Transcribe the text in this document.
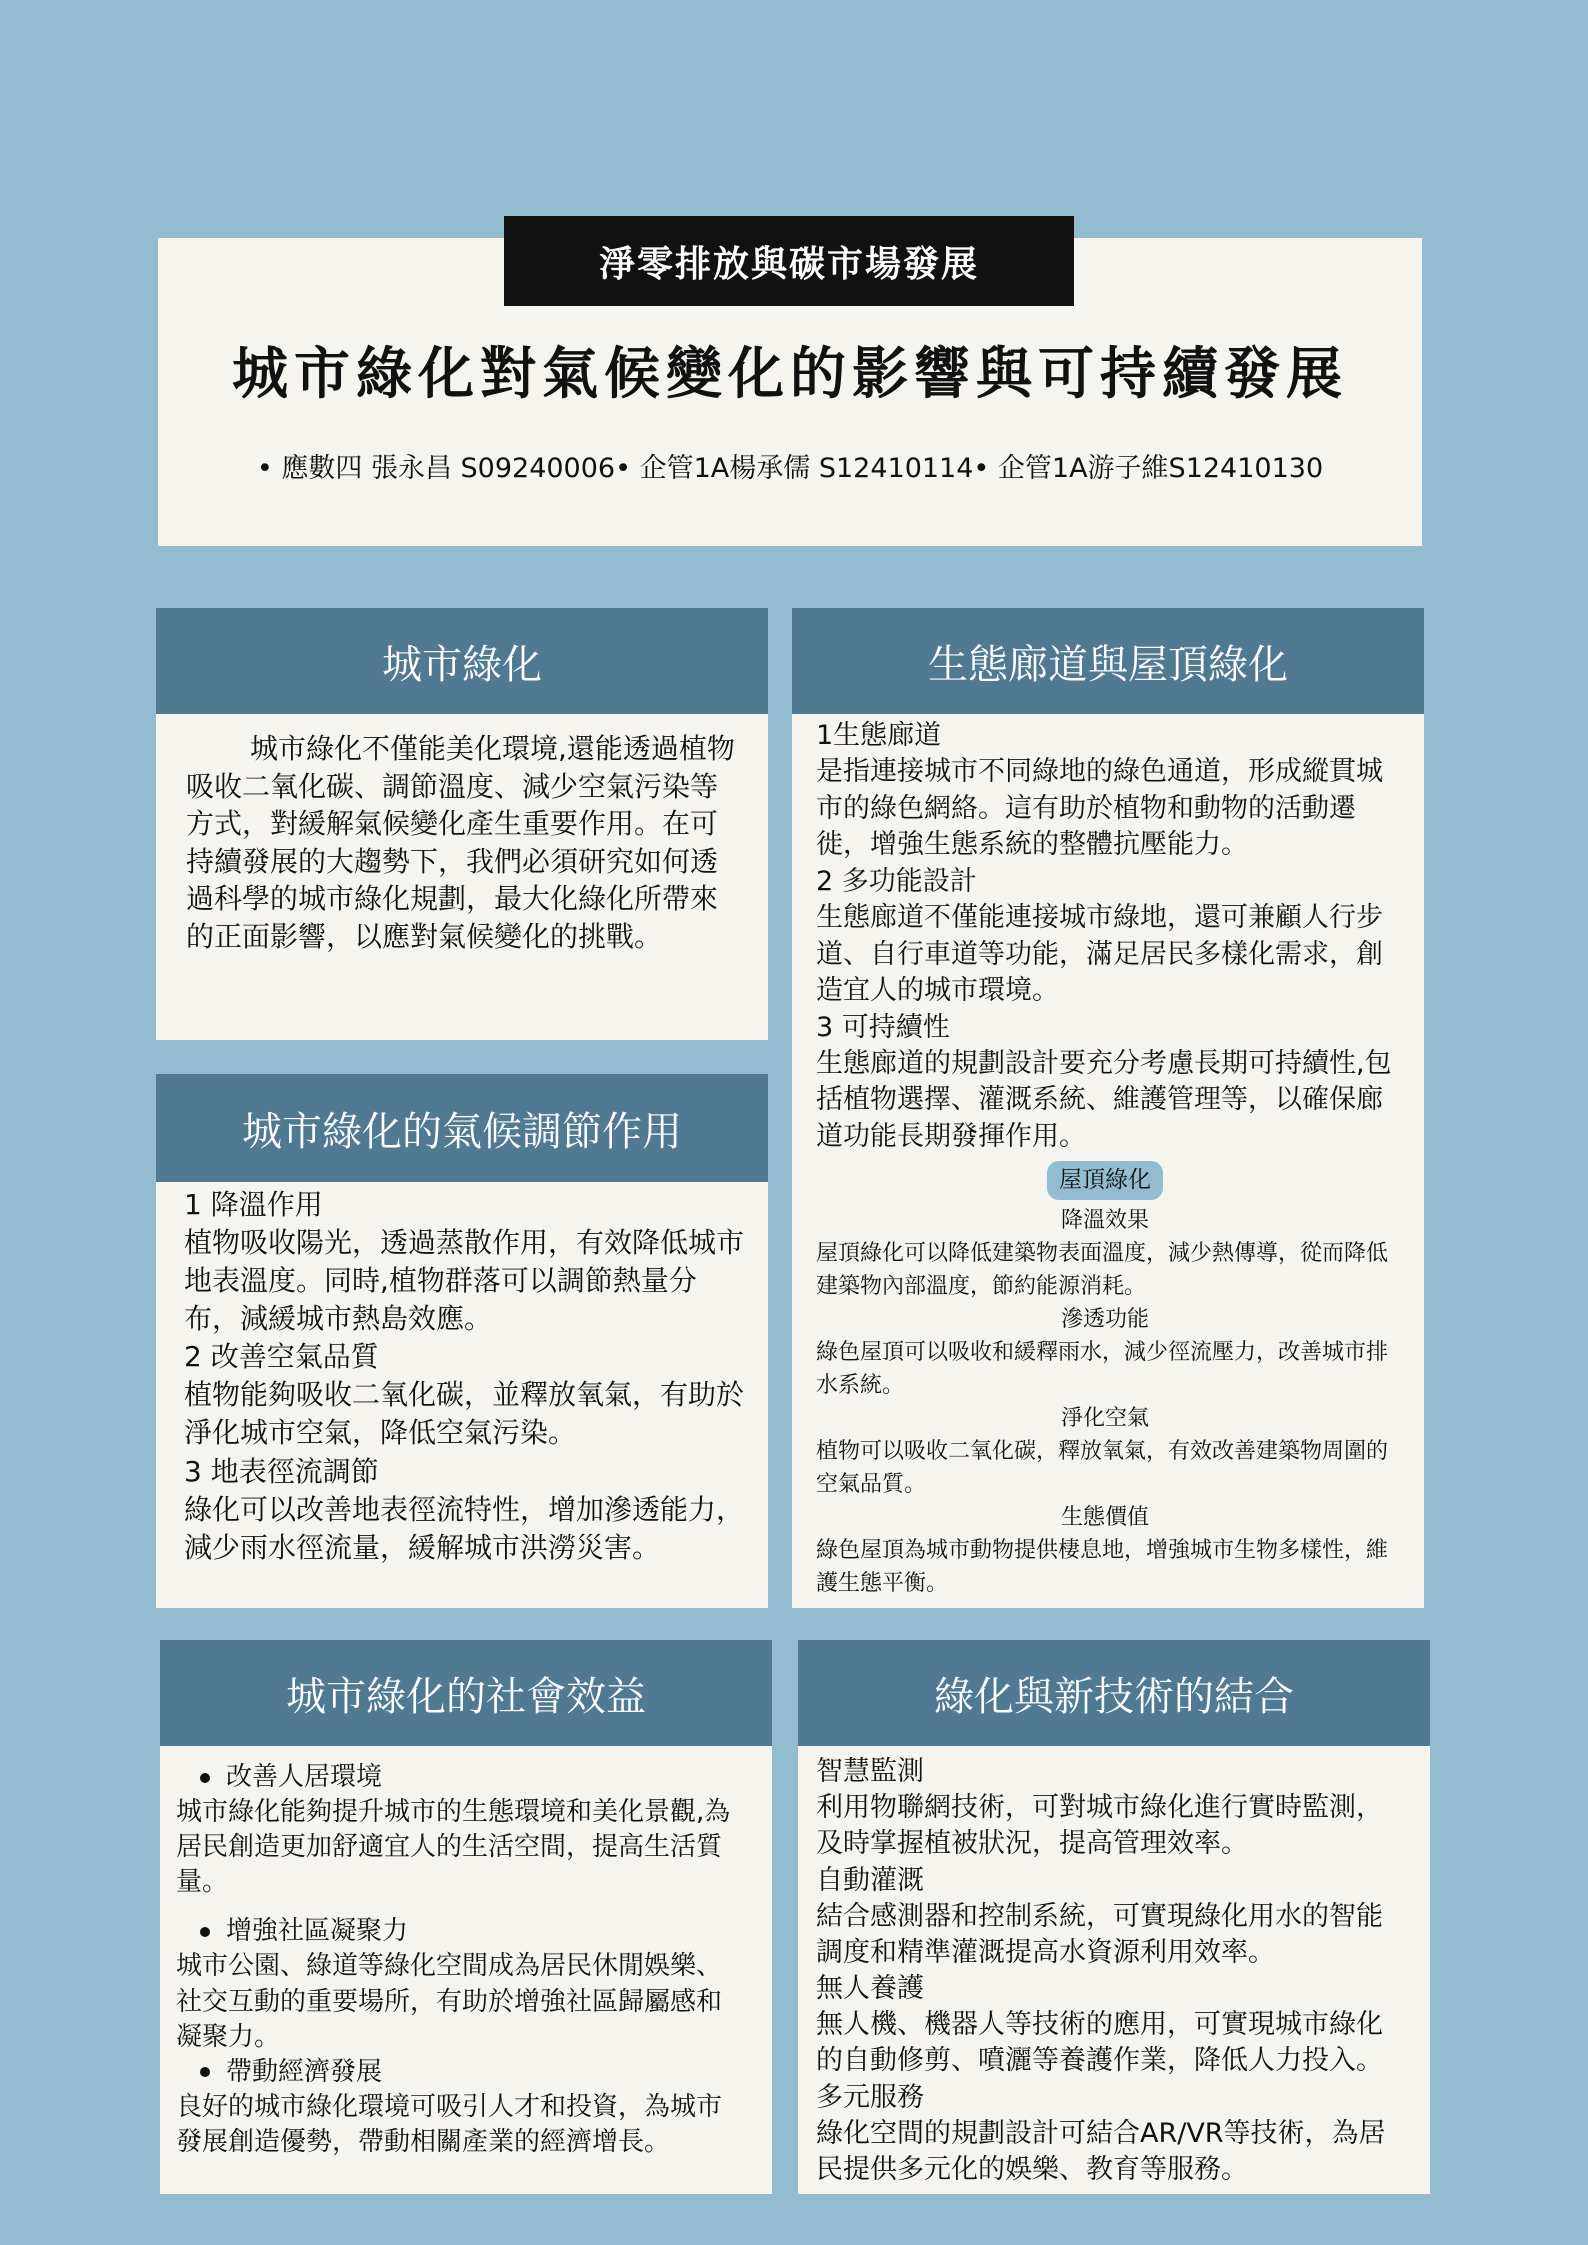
淨零排放與碳市場發展
城市綠化對氣候變化的影響與可持續發展
• 應數四 張永昌 S09240006• 企管1A楊承儒 S12410114• 企管1A游子維S12410130
城市綠化
城市綠化不僅能美化環境,還能透過植物吸收二氧化碳、調節溫度、減少空氣污染等方式，對緩解氣候變化產生重要作用。在可持續發展的大趨勢下，我們必須研究如何透過科學的城市綠化規劃，最大化綠化所帶來的正面影響，以應對氣候變化的挑戰。
城市綠化的氣候調節作用
1 降溫作用
植物吸收陽光，透過蒸散作用，有效降低城市地表溫度。同時,植物群落可以調節熱量分布，減緩城市熱島效應。
2 改善空氣品質
植物能夠吸收二氧化碳，並釋放氧氣，有助於淨化城市空氣，降低空氣污染。
3 地表徑流調節
綠化可以改善地表徑流特性，增加滲透能力，減少雨水徑流量，緩解城市洪澇災害。
生態廊道與屋頂綠化
1生態廊道
是指連接城市不同綠地的綠色通道，形成縱貫城市的綠色網絡。這有助於植物和動物的活動遷徙，增強生態系統的整體抗壓能力。
2 多功能設計
生態廊道不僅能連接城市綠地，還可兼顧人行步道、自行車道等功能，滿足居民多樣化需求，創造宜人的城市環境。
3 可持續性
生態廊道的規劃設計要充分考慮長期可持續性,包括植物選擇、灌溉系統、維護管理等，以確保廊道功能長期發揮作用。
屋頂綠化
降溫效果
屋頂綠化可以降低建築物表面溫度，減少熱傳導，從而降低建築物內部溫度，節約能源消耗。
滲透功能
綠色屋頂可以吸收和緩釋雨水，減少徑流壓力，改善城市排水系統。
淨化空氣
植物可以吸收二氧化碳，釋放氧氣，有效改善建築物周圍的空氣品質。
生態價值
綠色屋頂為城市動物提供棲息地，增強城市生物多樣性，維護生態平衡。
城市綠化的社會效益
改善人居環境
城市綠化能夠提升城市的生態環境和美化景觀,為居民創造更加舒適宜人的生活空間，提高生活質量。
增強社區凝聚力
城市公園、綠道等綠化空間成為居民休閒娛樂、社交互動的重要場所，有助於增強社區歸屬感和凝聚力。
帶動經濟發展
良好的城市綠化環境可吸引人才和投資，為城市發展創造優勢，帶動相關產業的經濟增長。
綠化與新技術的結合
智慧監測
利用物聯網技術，可對城市綠化進行實時監測，及時掌握植被狀況，提高管理效率。
自動灌溉
結合感測器和控制系統，可實現綠化用水的智能調度和精準灌溉提高水資源利用效率。
無人養護
無人機、機器人等技術的應用，可實現城市綠化的自動修剪、噴灑等養護作業，降低人力投入。
多元服務
綠化空間的規劃設計可結合AR/VR等技術，為居民提供多元化的娛樂、教育等服務。
